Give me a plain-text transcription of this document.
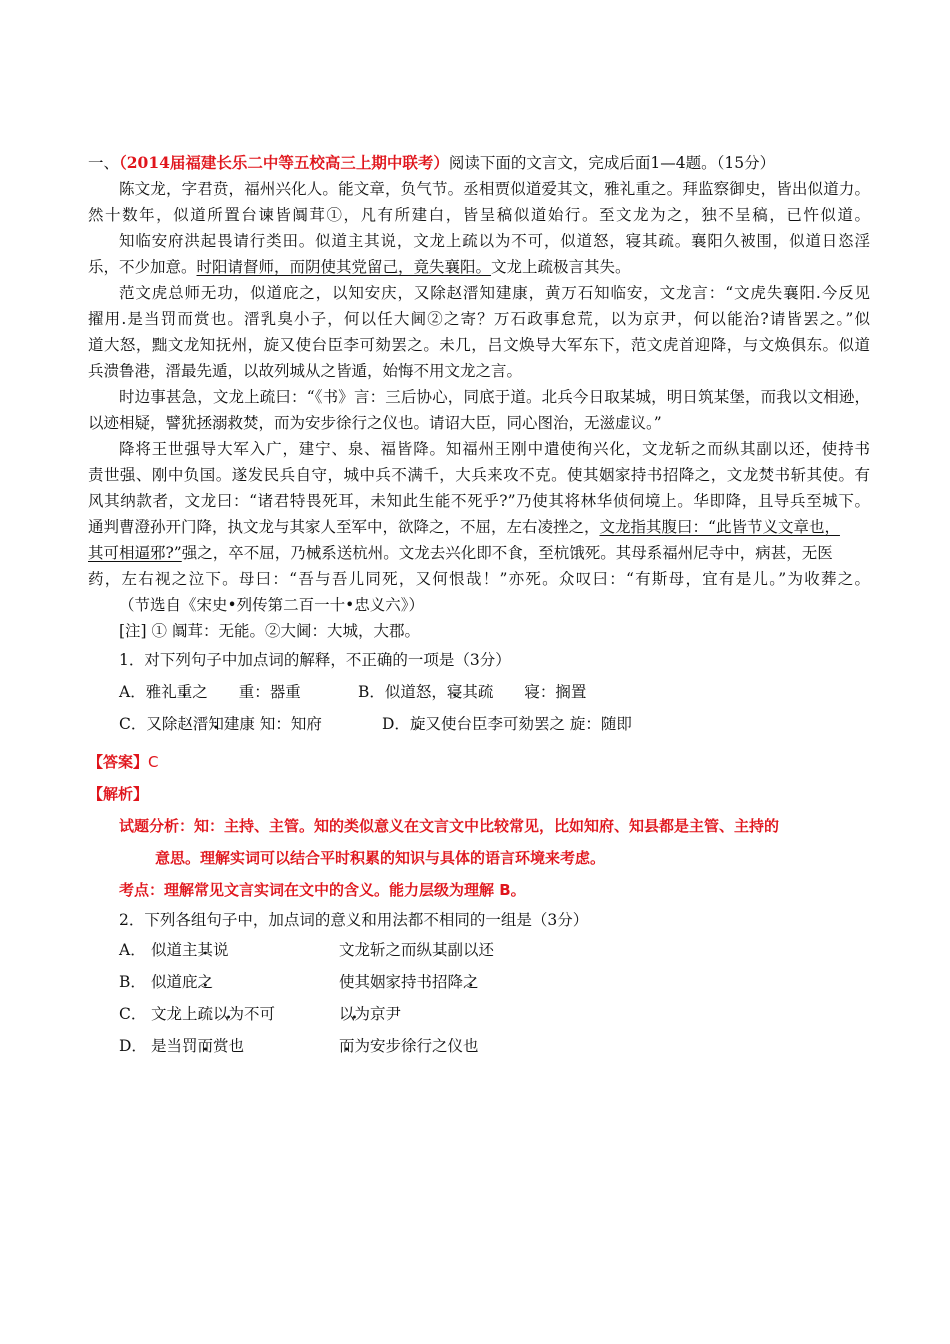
一、（2014届福建长乐二中等五校高三上期中联考）阅读下面的文言文，完成后面1—4题。（15分）
陈文龙，字君贲，福州兴化人。能文章，负气节。丞相贾似道爱其文，雅礼重之。拜监察御史，皆出似道力。
然十数年，似道所置台谏皆阘茸①，凡有所建白，皆呈稿似道始行。至文龙为之，独不呈稿，已忤似道。
知临安府洪起畏请行类田。似道主其说，文龙上疏以为不可，似道怒，寝其疏。襄阳久被围，似道日恣淫
乐，不少加意。时阳请督师，而阴使其党留己，竟失襄阳。文龙上疏极言其失。
范文虎总师无功，似道庇之，以知安庆，又除赵溍知建康，黄万石知临安，文龙言：“文虎失襄阳.今反见
擢用.是当罚而赏也。溍乳臭小子，何以任大阃②之寄？万石政事怠荒，以为京尹，何以能治?请皆罢之。”似
道大怒，黜文龙知抚州，旋又使台臣李可劾罢之。未几，吕文焕导大军东下，范文虎首迎降，与文焕俱东。似道
兵溃鲁港，溍最先遁，以故列城从之皆遁，始悔不用文龙之言。
时边事甚急，文龙上疏曰：“《书》言：三后协心，同底于道。北兵今日取某城，明日筑某堡，而我以文相逊，
以迹相疑，譬犹拯溺救焚，而为安步徐行之仪也。请诏大臣，同心图治，无滋虚议。”
降将王世强导大军入广，建宁、泉、福皆降。知福州王刚中遣使徇兴化，文龙斩之而纵其副以还，使持书
责世强、刚中负国。遂发民兵自守，城中兵不满千，大兵来攻不克。使其姻家持书招降之，文龙焚书斩其使。有
风其纳款者，文龙曰：“诸君特畏死耳，未知此生能不死乎?”乃使其将林华侦伺境上。华即降，且导兵至城下。
通判曹澄孙开门降，执文龙与其家人至军中，欲降之，不屈，左右凌挫之，文龙指其腹曰：“此皆节义文章也，
其可相逼邪?”强之，卒不屈，乃械系送杭州。文龙去兴化即不食，至杭饿死。其母系福州尼寺中，病甚，无医
药，左右视之泣下。母曰：“吾与吾儿同死，又何恨哉！”亦死。众叹曰：“有斯母，宜有是儿。”为收葬之。
（节选自《宋史•列传第二百一十•忠义六》）
[注] ① 阘茸：无能。②大阃：大城，大郡。
1．对下列句子中加点词的解释，不正确的一项是（3分）
A．雅礼重之　　重：器重	B．似道怒，寝其疏　　寝：搁置
C．又除赵溍知建康 知：知府	D．旋又使台臣李可劾罢之 旋：随即
【答案】C
【解析】
试题分析：知：主持、主管。知的类似意义在文言文中比较常见，比如知府、知县都是主管、主持的
意思。理解实词可以结合平时积累的知识与具体的语言环境来考虑。
考点：理解常见文言实词在文中的含义。能力层级为理解 B。
2．下列各组句子中，加点词的意义和用法都不相同的一组是（3分）
A． 似道主其说	文龙斩之而纵其副以还
B． 似道庇之	使其姻家持书招降之
C． 文龙上疏以为不可	以为京尹
D． 是当罚而赏也	而为安步徐行之仪也
